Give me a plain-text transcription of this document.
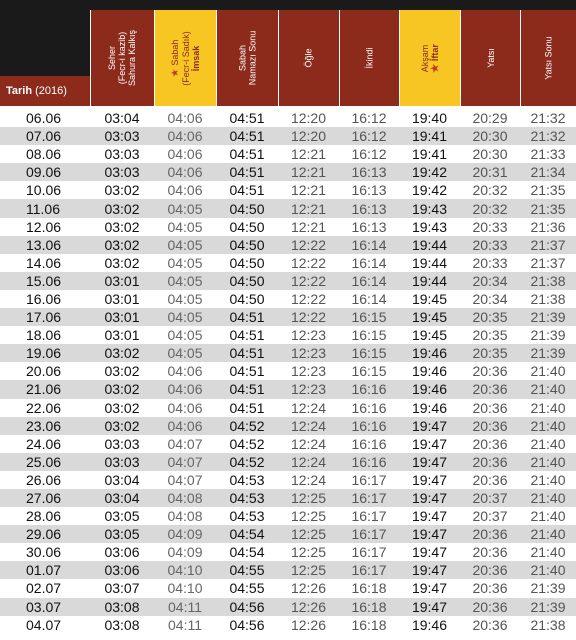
Tarih
(2016)
Seher (Fecr-i kazib) Sahura Kalkış	★ Sabah (Fecr-i Sadık) İmsak	Sabah Namazı Sonu	Öğle	İkindi	Akşam ★ İftar	Yatsı	Yatsı Sonu
06.06	03:04	04:06	04:51	12:20	16:12	19:40	20:29	21:32
07.06	03:03	04:06	04:51	12:20	16:12	19:41	20:30	21:32
08.06	03:03	04:06	04:51	12:21	16:12	19:41	20:30	21:33
09.06	03:03	04:06	04:51	12:21	16:13	19:42	20:31	21:34
10.06	03:02	04:06	04:51	12:21	16:13	19:42	20:32	21:35
11.06	03:02	04:05	04:50	12:21	16:13	19:43	20:32	21:35
12.06	03:02	04:05	04:50	12:21	16:13	19:43	20:33	21:36
13.06	03:02	04:05	04:50	12:22	16:14	19:44	20:33	21:37
14.06	03:02	04:05	04:50	12:22	16:14	19:44	20:33	21:37
15.06	03:01	04:05	04:50	12:22	16:14	19:44	20:34	21:38
16.06	03:01	04:05	04:50	12:22	16:14	19:45	20:34	21:38
17.06	03:01	04:05	04:51	12:22	16:15	19:45	20:35	21:39
18.06	03:01	04:05	04:51	12:23	16:15	19:45	20:35	21:39
19.06	03:02	04:05	04:51	12:23	16:15	19:46	20:35	21:39
20.06	03:02	04:06	04:51	12:23	16:15	19:46	20:36	21:40
21.06	03:02	04:06	04:51	12:23	16:16	19:46	20:36	21:40
22.06	03:02	04:06	04:51	12:24	16:16	19:46	20:36	21:40
23.06	03:02	04:06	04:52	12:24	16:16	19:47	20:36	21:40
24.06	03:03	04:07	04:52	12:24	16:16	19:47	20:36	21:40
25.06	03:03	04:07	04:52	12:24	16:16	19:47	20:36	21:40
26.06	03:04	04:07	04:53	12:24	16:17	19:47	20:36	21:40
27.06	03:04	04:08	04:53	12:25	16:17	19:47	20:37	21:40
28.06	03:05	04:08	04:53	12:25	16:17	19:47	20:37	21:40
29.06	03:05	04:09	04:54	12:25	16:17	19:47	20:36	21:40
30.06	03:06	04:09	04:54	12:25	16:17	19:47	20:36	21:40
01.07	03:06	04:10	04:55	12:25	16:17	19:47	20:36	21:40
02.07	03:07	04:10	04:55	12:26	16:18	19:47	20:36	21:39
03.07	03:08	04:11	04:56	12:26	16:18	19:47	20:36	21:39
04.07	03:08	04:11	04:56	12:26	16:18	19:46	20:36	21:38
